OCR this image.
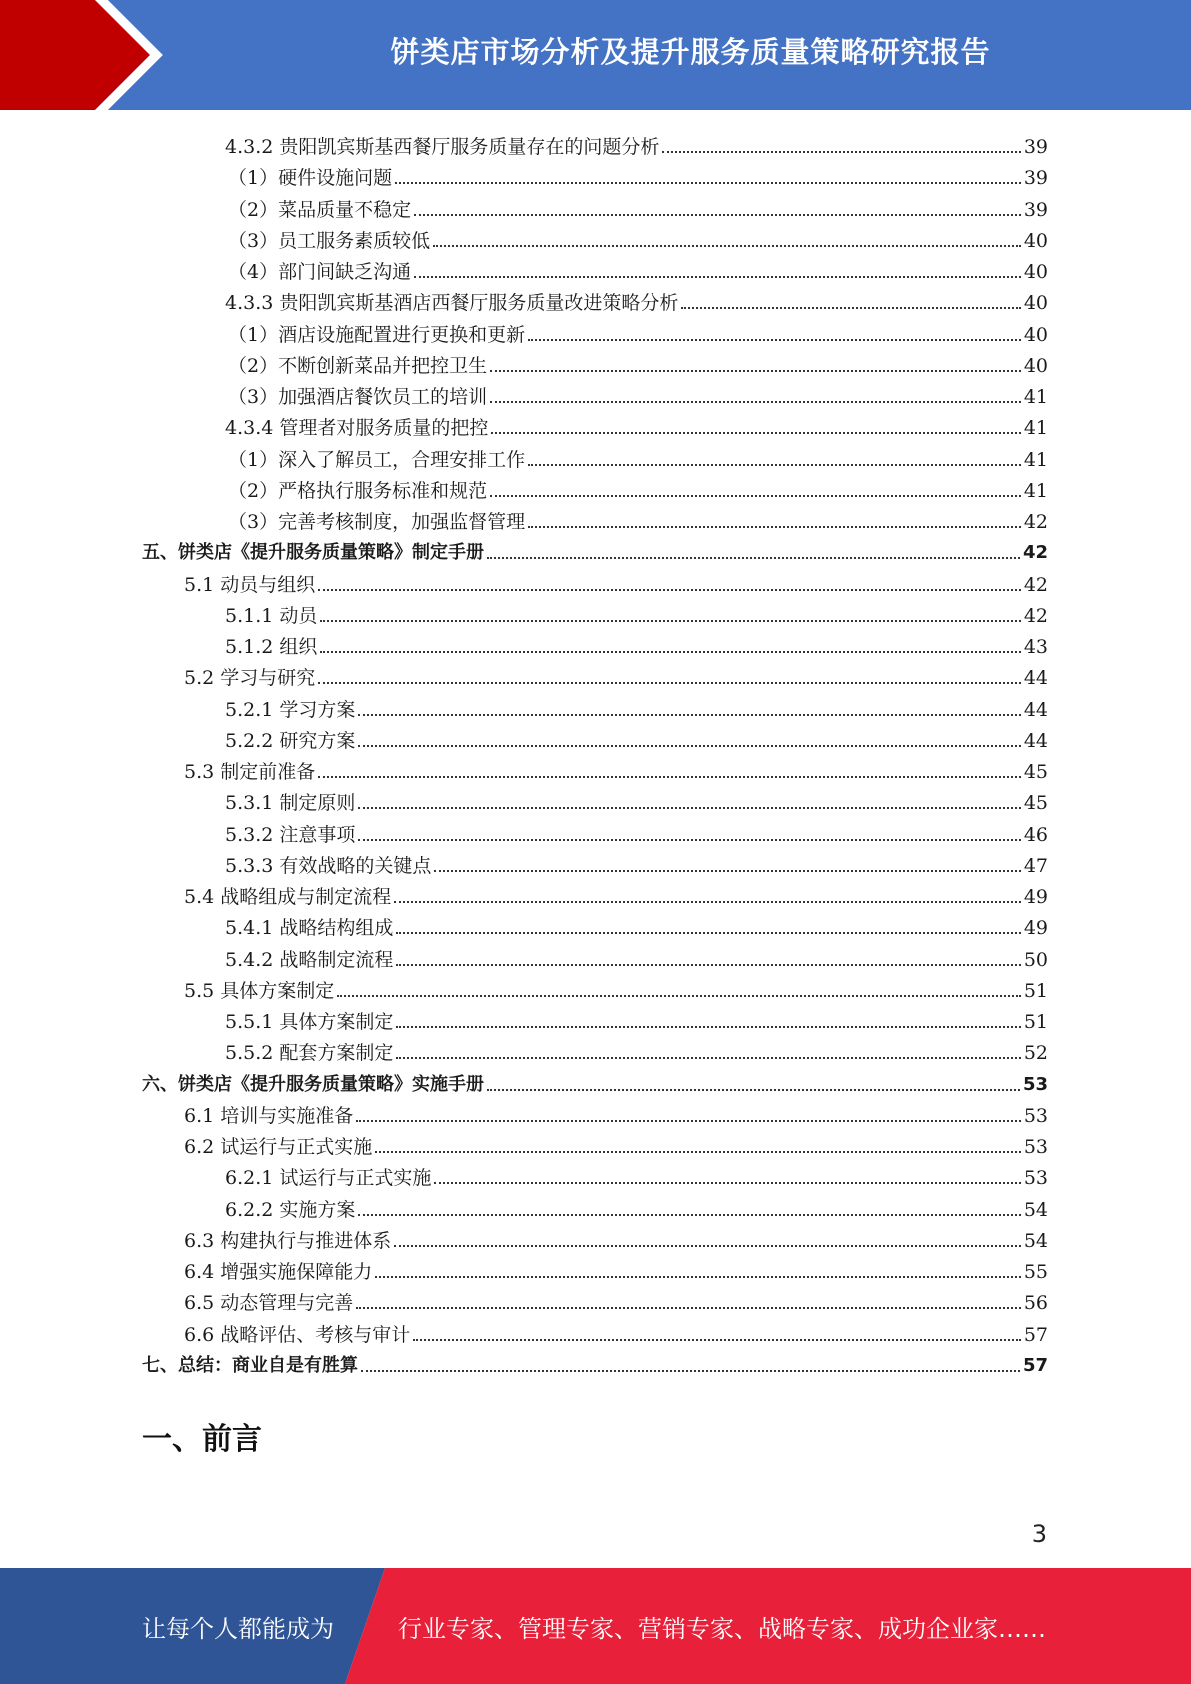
饼类店市场分析及提升服务质量策略研究报告
4.3.2 贵阳凯宾斯基西餐厅服务质量存在的问题分析	39
（1）硬件设施问题	39
（2）菜品质量不稳定	39
（3）员工服务素质较低	40
（4）部门间缺乏沟通	40
4.3.3 贵阳凯宾斯基酒店西餐厅服务质量改进策略分析	40
（1）酒店设施配置进行更换和更新	40
（2）不断创新菜品并把控卫生	40
（3）加强酒店餐饮员工的培训	41
4.3.4 管理者对服务质量的把控	41
（1）深入了解员工，合理安排工作	41
（2）严格执行服务标准和规范	41
（3）完善考核制度，加强监督管理	42
五、饼类店《提升服务质量策略》制定手册	42
5.1 动员与组织	42
5.1.1 动员	42
5.1.2 组织	43
5.2 学习与研究	44
5.2.1 学习方案	44
5.2.2 研究方案	44
5.3 制定前准备	45
5.3.1 制定原则	45
5.3.2 注意事项	46
5.3.3 有效战略的关键点	47
5.4 战略组成与制定流程	49
5.4.1 战略结构组成	49
5.4.2 战略制定流程	50
5.5 具体方案制定	51
5.5.1 具体方案制定	51
5.5.2 配套方案制定	52
六、饼类店《提升服务质量策略》实施手册	53
6.1 培训与实施准备	53
6.2 试运行与正式实施	53
6.2.1 试运行与正式实施	53
6.2.2 实施方案	54
6.3 构建执行与推进体系	54
6.4 增强实施保障能力	55
6.5 动态管理与完善	56
6.6 战略评估、考核与审计	57
七、总结：商业自是有胜算	57
一、前言
3
让每个人都能成为	行业专家、管理专家、营销专家、战略专家、成功企业家……
